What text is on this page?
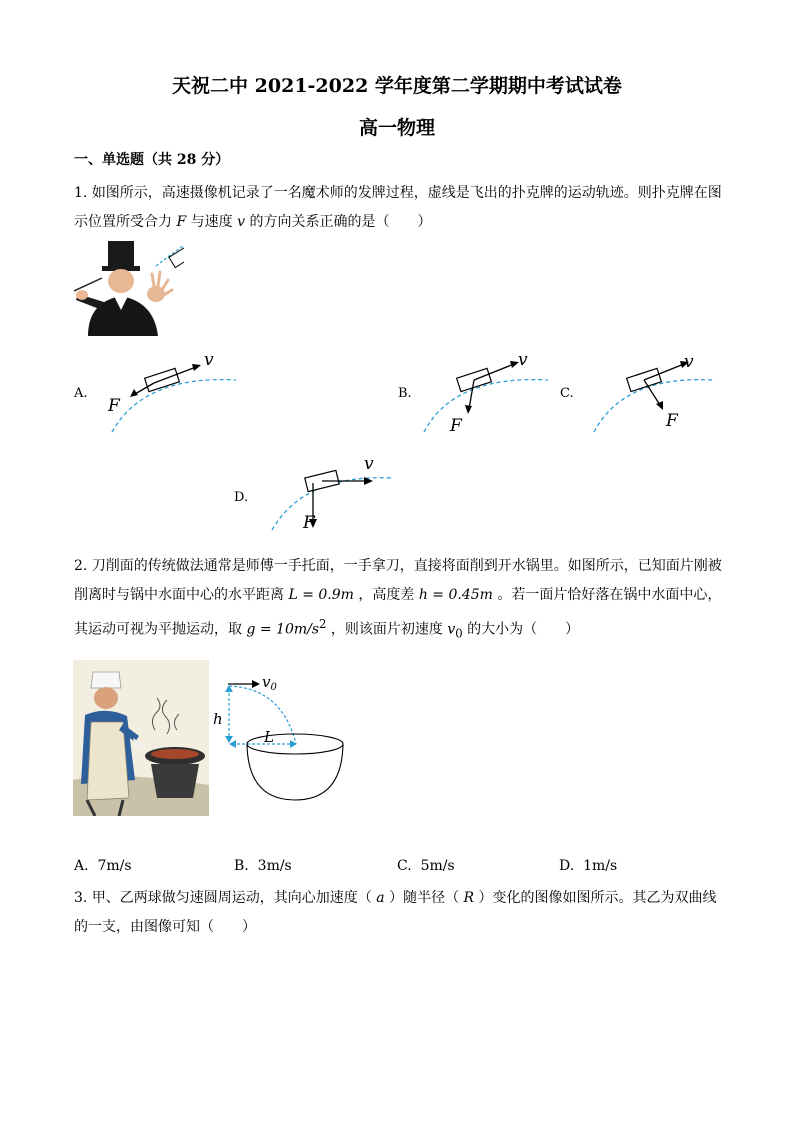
天祝二中 2021-2022 学年度第二学期期中考试试卷
高一物理
一、单选题（共 28 分）
1. 如图所示，高速摄像机记录了一名魔术师的发牌过程，虚线是飞出的扑克牌的运动轨迹。则扑克牌在图示位置所受合力 F 与速度 v 的方向关系正确的是（　　）
A.
v
F
B.
v
F
C.
v
F
D.
v
F
2. 刀削面的传统做法通常是师傅一手托面，一手拿刀，直接将面削到开水锅里。如图所示，已知面片刚被削离时与锅中水面中心的水平距离 L = 0.9m ，高度差 h = 0.45m 。若一面片恰好落在锅中水面中心，其运动可视为平抛运动，取 $g = 10m/s^2$ ，则该面片初速度 $v_0$ 的大小为（　　）
$v_0$
h
L
A. 7m/s	B. 3m/s	C. 5m/s	D. 1m/s
3. 甲、乙两球做匀速圆周运动，其向心加速度（ a ）随半径（ R ）变化的图像如图所示。其乙为双曲线的一支，由图像可知（　　）
